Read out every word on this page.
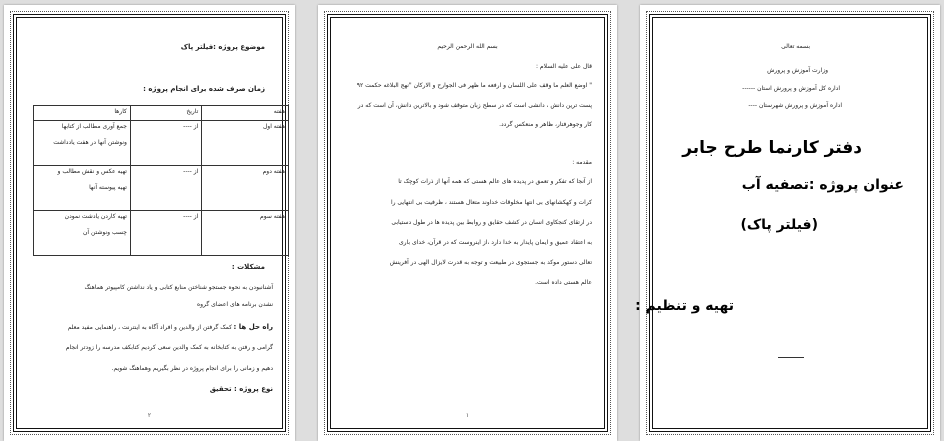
موضوع پروژه :فیلتر پاک
زمان صرف شده برای انجام پروژه :
هفته	تاریخ	کارها
هفته اول	از ----	جمع آوری مطالب از کتابها
ونوشتن آنها در هفت یادداشت

هفته دوم	از ----	تهیه عکس و نقش مطالب و
تهیه پیوسته آنها

هفته سوم	از ----	تهیه کاردن یادشت نمودن
چسب ونوشتن آن
مشکلات :
آشنانبودن به نحوه جستجو شناختن منابع کتابی و یاد نداشتن کامپیوتر هماهنگ
نشدن برنامه های اعضای گروه
راه حل ها :
کمک گرفتن از والدین و افراد آگاه به اینترنت ، راهنمایی مفید معلم
گرامی و رفتن به کتابخانه به کمک والدین سعی کردیم کتابکف مدرسه را زودتر انجام
دهیم و زمانی را برای انجام پروژه در نظر بگیریم وهماهنگ شویم.
نوع پروژه : تحقیق
۲
بسم الله الرحمن الرحیم
قال علی علیه السلام :
" اوضع العلم ما وقف علی اللسان و ارفعه ما ظهر فی الجوارح و الارکان "نهج البلاغه حکمت ۹۲
پست ترین دانش ، دانشی است که در سطح زبان متوقف شود و بالاترین دانش، آن است که در
کار وجوهرفتار، ظاهر و منعکس گردد.
مقدمه :
از آنجا که تفکر و تعمق در پدیده های عالم هستی که همه آنها از ذرات کوچک تا
کرات و کهکشانهای بی انتها مخلوقات خداوند متعال هستند ، ظرفیت بی انتهایی را
در ارتقای کنجکاوی انسان در کشف حقایق و روابط بین پدیده ها در طول دستیابی
به اعتقاد عمیق و ایمان پایدار به خدا دارد ،از اینروست که در قرآن، خدای باری
تعالی دستور موکد به جستجوی در طبیعت و توجه به قدرت لایزال الهی در آفرینش
عالم هستی داده است.
۱
بسمه تعالی
وزارت آموزش و پرورش
اداره کل آموزش و پرورش استان ------
اداره آموزش و پرورش شهرستان ----
دفتر کارنما طرح جابر
عنوان پروژه :تصفیه آب
(فیلتر پاک)
تهیه و تنظیم :
___
